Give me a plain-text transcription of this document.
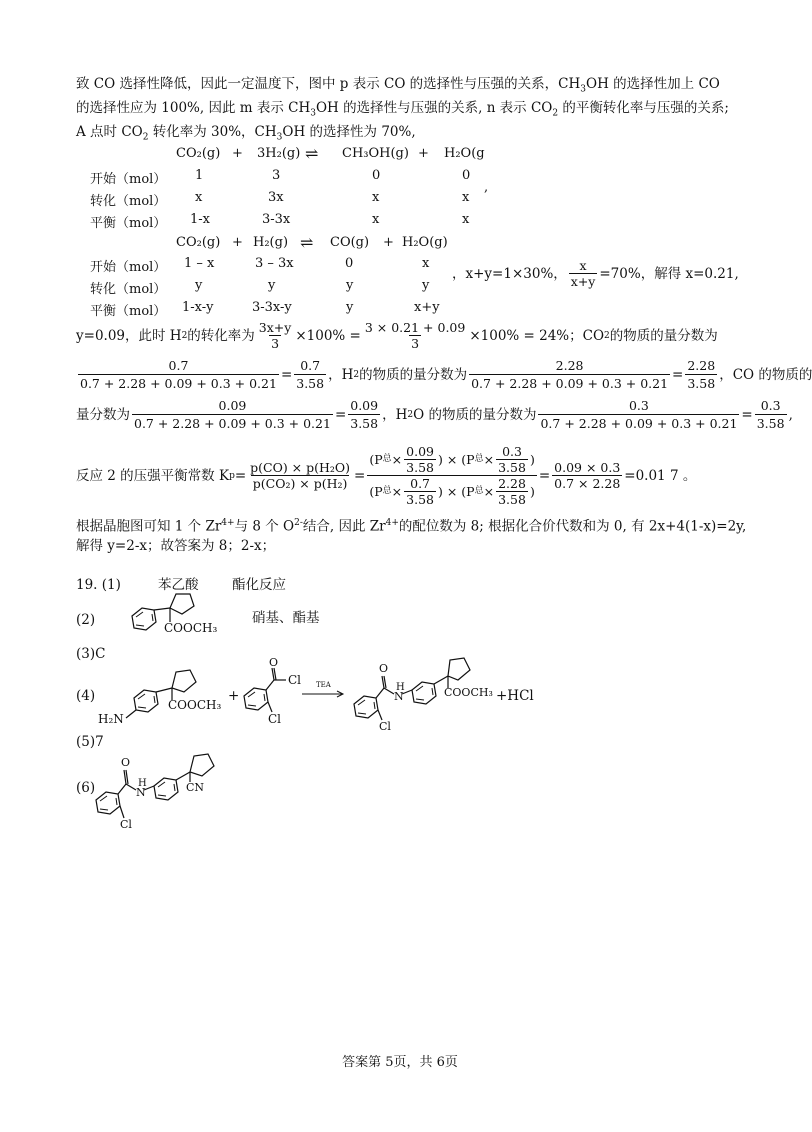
致 CO 选择性降低，因此一定温度下，图中 p 表示 CO 的选择性与压强的关系，$CH_3OH$ 的选择性加上 CO
的选择性应为 100%, 因此 m 表示 $CH_3OH$ 的选择性与压强的关系, n 表示 $CO_2$ 的平衡转化率与压强的关系;
A 点时 $CO_2$ 转化率为 30%，$CH_3OH$ 的选择性为 70%,
CO₂(g) + 3H₂(g) ⇌ CH₃OH(g) + H₂O(g
开始（mol） 1	3	0	0
转化（mol） x	3x	x	x
,
平衡（mol） 1-x	3-3x	x	x
CO₂(g) + H₂(g) ⇌ CO(g) + H₂O(g)
开始（mol） 1 – x	3 – 3x	0	x
转化（mol） y	y	y	y
平衡（mol） 1-x-y	3-3x-y	y	x+y
，x+y=1×30%， $\frac{x}{x+y} =70\%$，解得 x=0.21,
y=0.09，此时 H 2 的转化率为 $\frac{3x+y}{3} \times 100\% = \frac{3 \times 0.21 + 0.09}{3} \times 100\% = 24\%$；CO 2 的物质的量分数为
$\frac{0.7}{0.7 + 2.28 + 0.09 + 0.3 + 0.21} = \frac{0.7}{3.58}$ ，H 2 的物质的量分数为 $\frac{2.28}{0.7 + 2.28 + 0.09 + 0.3 + 0.21} = \frac{2.28}{3.58}$ ，CO 的物质的
量分数为 $\frac{0.09}{0.7 + 2.28 + 0.09 + 0.3 + 0.21} = \frac{0.09}{3.58}$ ，H 2 O 的物质的量分数为 $\frac{0.3}{0.7 + 2.28 + 0.09 + 0.3 + 0.21} = \frac{0.3}{3.58}$ ,
反应 2 的压强平衡常数 K $p = \frac{\text{p(CO) × p(H₂O)}}{\text{p(CO₂) × p(H₂)}} = \frac{(P 总 \times \frac{0.09}{3.58} ) \times (P 总 \times \frac{0.3}{3.58} )}{(P 总 \times \frac{0.7}{3.58} ) \times (P 总 \times \frac{2.28}{3.58} )} = \frac{0.09 \times 0.3}{0.7 \times 2.28} =0.01$ 7 。
根据晶胞图可知 1 个 $Zr^{4+}$与 8 个 $O^{2-}$结合, 因此 $Zr^{4+}$的配位数为 8; 根据化合价代数和为 0, 有 2x+4(1-x)=2y,
解得 y=2-x；故答案为 8；2-x；
19. (1)	苯乙酸 酯化反应
(2)	COOCH₃
硝基、酯基
(3)C
(4)
H₂N
COOCH₃
+
O
Cl
Cl
TEA
O
H
N	COOCH₃
Cl
+HCl
(5)7
(6)
O
H
N	CN
Cl
答案第 5页，共 6页
